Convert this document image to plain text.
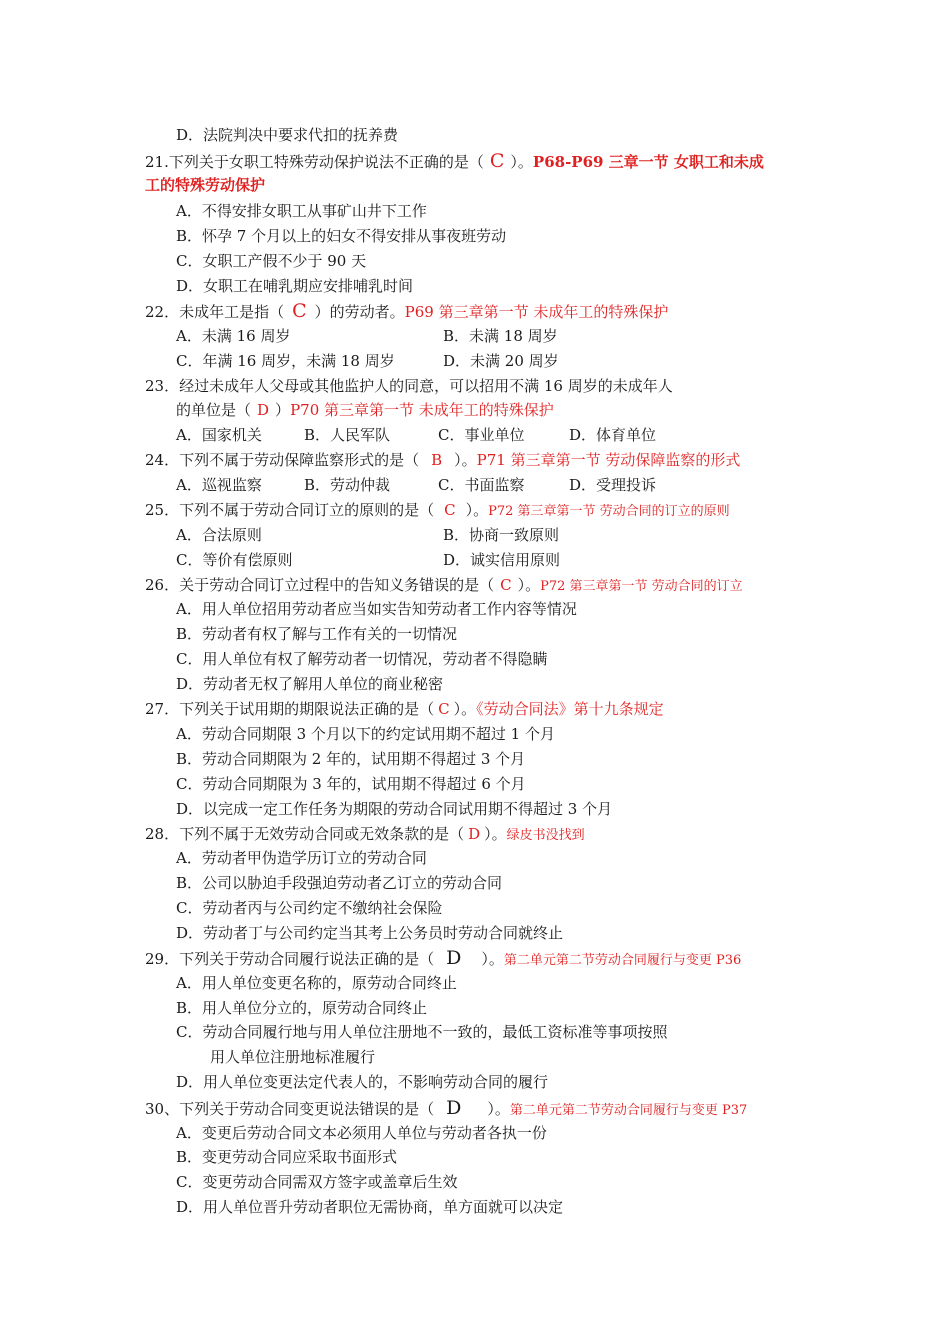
D．法院判决中要求代扣的抚养费
21.下列关于女职工特殊劳动保护说法不正确的是（ C ）。P68-P69 三章一节 女职工和未成
工的特殊劳动保护
A．不得安排女职工从事矿山井下工作
B．怀孕 7 个月以上的妇女不得安排从事夜班劳动
C．女职工产假不少于 90 天
D．女职工在哺乳期应安排哺乳时间
22．未成年工是指（ C ）的劳动者。P69 第三章第一节 未成年工的特殊保护
A．未满 16 周岁	B．未满 18 周岁
C．年满 16 周岁，未满 18 周岁	D．未满 20 周岁
23．经过未成年人父母或其他监护人的同意，可以招用不满 16 周岁的未成年人
的单位是（ D ）P70 第三章第一节 未成年工的特殊保护
A．国家机关	B．人民军队	C．事业单位	D．体育单位
24．下列不属于劳动保障监察形式的是（ B ）。P71 第三章第一节 劳动保障监察的形式
A．巡视监察	B．劳动仲裁	C．书面监察	D．受理投诉
25．下列不属于劳动合同订立的原则的是（ C ）。P72 第三章第一节 劳动合同的订立的原则
A．合法原则	B．协商一致原则
C．等价有偿原则	D．诚实信用原则
26．关于劳动合同订立过程中的告知义务错误的是（ C ）。P72 第三章第一节 劳动合同的订立
A．用人单位招用劳动者应当如实告知劳动者工作内容等情况
B．劳动者有权了解与工作有关的一切情况
C．用人单位有权了解劳动者一切情况，劳动者不得隐瞒
D．劳动者无权了解用人单位的商业秘密
27．下列关于试用期的期限说法正确的是（ C ）。《劳动合同法》第十九条规定
A．劳动合同期限 3 个月以下的约定试用期不超过 1 个月
B．劳动合同期限为 2 年的，试用期不得超过 3 个月
C．劳动合同期限为 3 年的，试用期不得超过 6 个月
D．以完成一定工作任务为期限的劳动合同试用期不得超过 3 个月
28．下列不属于无效劳动合同或无效条款的是（ D ）。绿皮书没找到
A．劳动者甲伪造学历订立的劳动合同
B．公司以胁迫手段强迫劳动者乙订立的劳动合同
C．劳动者丙与公司约定不缴纳社会保险
D．劳动者丁与公司约定当其考上公务员时劳动合同就终止
29．下列关于劳动合同履行说法正确的是（ D ）。第二单元第二节劳动合同履行与变更 P36
A．用人单位变更名称的，原劳动合同终止
B．用人单位分立的，原劳动合同终止
C．劳动合同履行地与用人单位注册地不一致的，最低工资标准等事项按照
用人单位注册地标准履行
D．用人单位变更法定代表人的，不影响劳动合同的履行
30、下列关于劳动合同变更说法错误的是（ D ）。第二单元第二节劳动合同履行与变更 P37
A．变更后劳动合同文本必须用人单位与劳动者各执一份
B．变更劳动合同应采取书面形式
C．变更劳动合同需双方签字或盖章后生效
D．用人单位晋升劳动者职位无需协商，单方面就可以决定
